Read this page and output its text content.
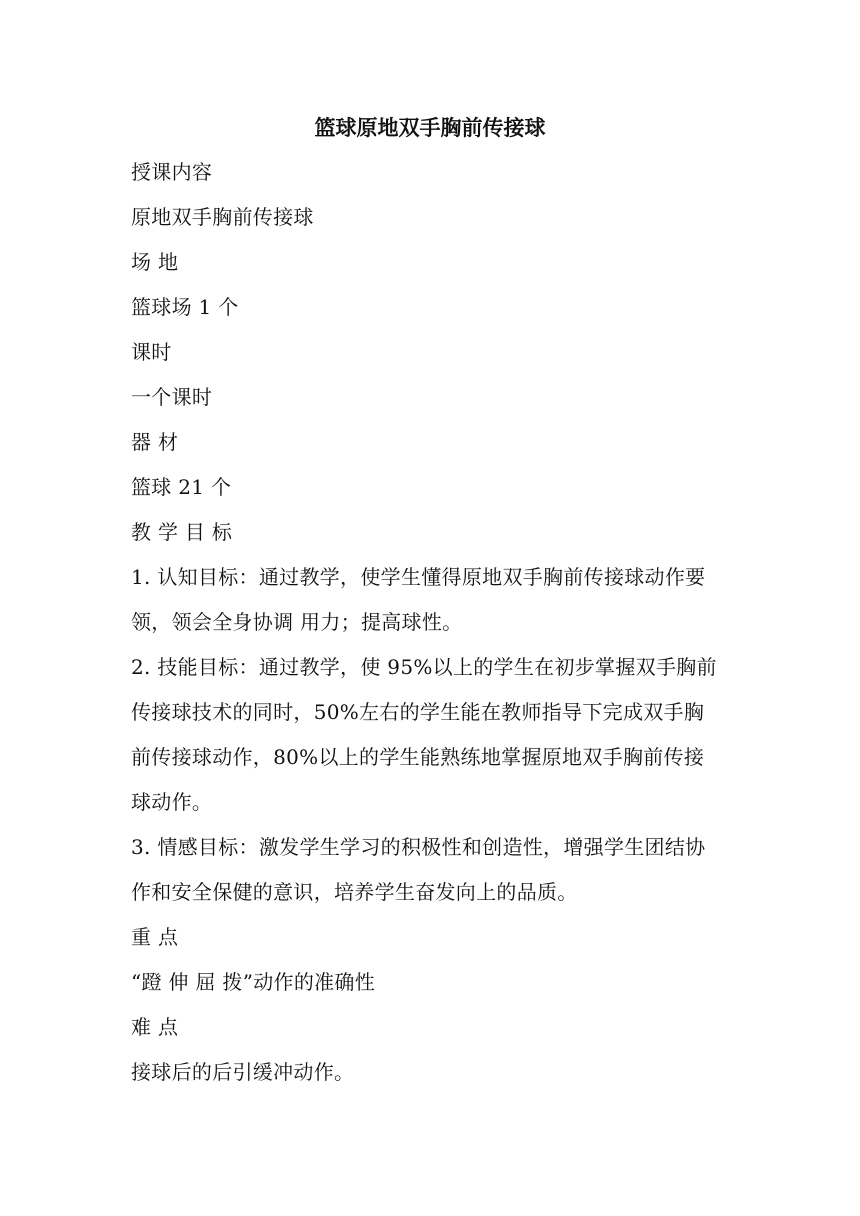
篮球原地双手胸前传接球
授课内容
原地双手胸前传接球
场 地
篮球场 1 个
课时
一个课时
器 材
篮球 21 个
教 学 目 标
1. 认知目标：通过教学，使学生懂得原地双手胸前传接球动作要
领，领会全身协调 用力；提高球性。
2. 技能目标：通过教学，使 95%以上的学生在初步掌握双手胸前
传接球技术的同时，50%左右的学生能在教师指导下完成双手胸
前传接球动作，80%以上的学生能熟练地掌握原地双手胸前传接
球动作。
3. 情感目标：激发学生学习的积极性和创造性，增强学生团结协
作和安全保健的意识，培养学生奋发向上的品质。
重 点
“蹬 伸 屈 拨”动作的准确性
难 点
接球后的后引缓冲动作。
